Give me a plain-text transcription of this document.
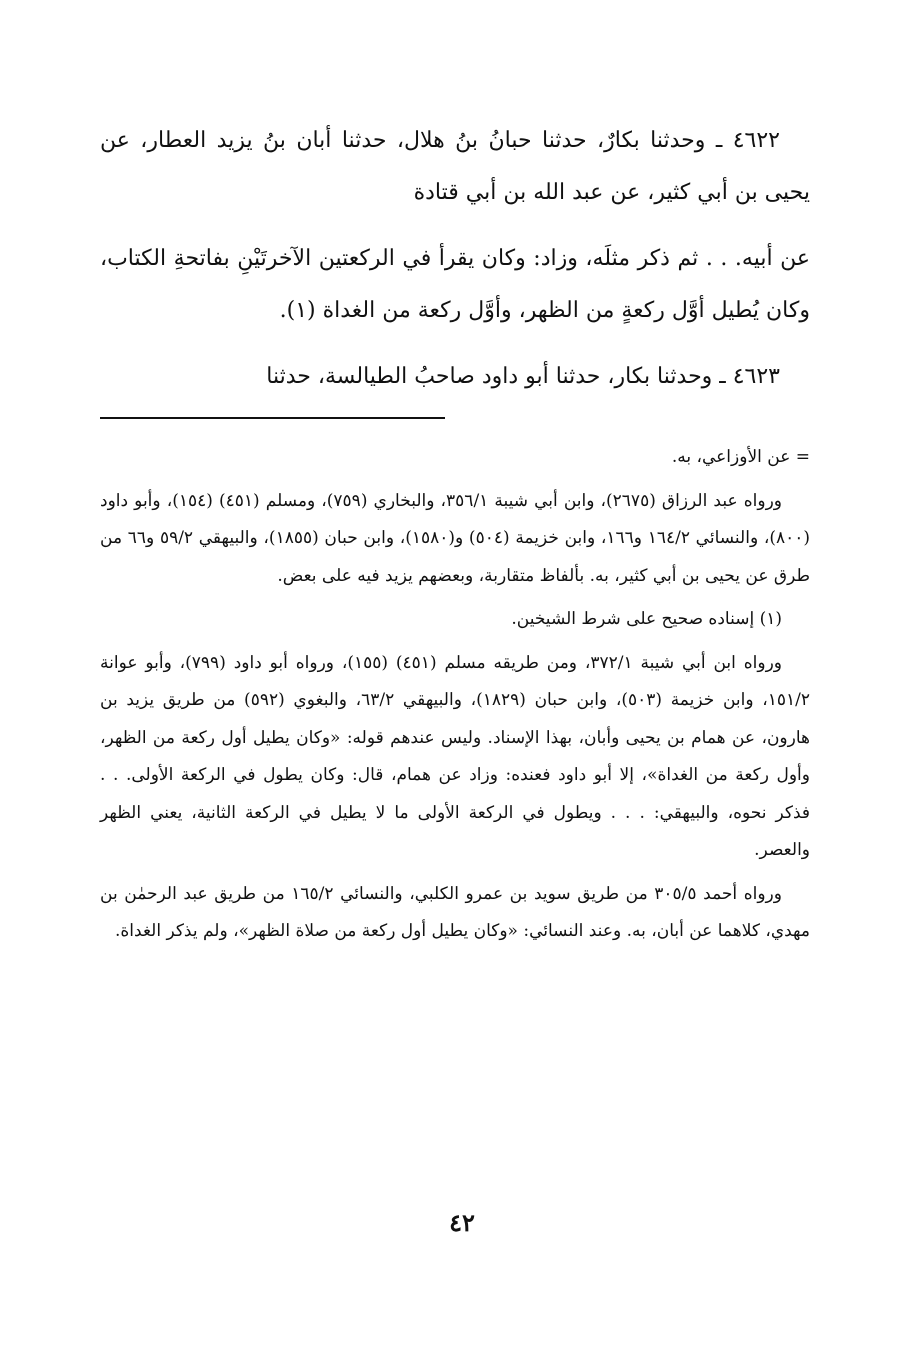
٤٦٢٢ ـ وحدثنا بكارٌ، حدثنا حبانُ بنُ هلال، حدثنا أبان بنُ يزيد العطار، عن يحيى بن أبي كثير، عن عبد الله بن أبي قتادة

عن أبيه. . . ثم ذكر مثلَه، وزاد: وكان يقرأ في الركعتين الآخرتَيْنِ بفاتحةِ الكتاب، وكان يُطيل أوَّل ركعةٍ من الظهر، وأوَّل ركعة من الغداة (١).

٤٦٢٣ ـ وحدثنا بكار، حدثنا أبو داود صاحبُ الطيالسة، حدثنا

= عن الأوزاعي، به.

ورواه عبد الرزاق (٢٦٧٥)، وابن أبي شيبة ٣٥٦/١، والبخاري (٧٥٩)، ومسلم (٤٥١) (١٥٤)، وأبو داود (٨٠٠)، والنسائي ١٦٤/٢ و١٦٦، وابن خزيمة (٥٠٤) و(١٥٨٠)، وابن حبان (١٨٥٥)، والبيهقي ٥٩/٢ و٦٦ من طرق عن يحيى بن أبي كثير، به. بألفاظ متقاربة، وبعضهم يزيد فيه على بعض.

(١) إسناده صحيح على شرط الشيخين.

ورواه ابن أبي شيبة ٣٧٢/١، ومن طريقه مسلم (٤٥١) (١٥٥)، ورواه أبو داود (٧٩٩)، وأبو عوانة ١٥١/٢، وابن خزيمة (٥٠٣)، وابن حبان (١٨٢٩)، والبيهقي ٦٣/٢، والبغوي (٥٩٢) من طريق يزيد بن هارون، عن همام بن يحيى وأبان، بهذا الإسناد. وليس عندهم قوله: «وكان يطيل أول ركعة من الظهر، وأول ركعة من الغداة»، إلا أبو داود فعنده: وزاد عن همام، قال: وكان يطول في الركعة الأولى. . . فذكر نحوه، والبيهقي: . . . ويطول في الركعة الأولى ما لا يطيل في الركعة الثانية، يعني الظهر والعصر.

ورواه أحمد ٣٠٥/٥ من طريق سويد بن عمرو الكلبي، والنسائي ١٦٥/٢ من طريق عبد الرحمٰن بن مهدي، كلاهما عن أبان، به. وعند النسائي: «وكان يطيل أول ركعة من صلاة الظهر»، ولم يذكر الغداة.

٤٢
